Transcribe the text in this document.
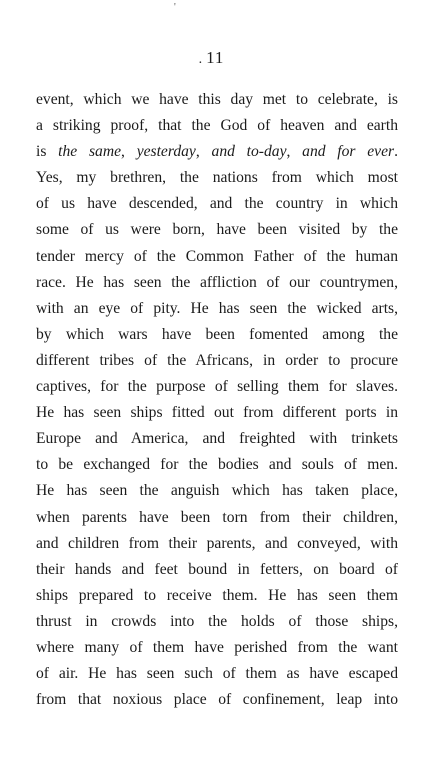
'
. 11
event, which we have this day met to celebrate, is
a striking proof, that the God of heaven and earth
is the same, yesterday, and to-day, and for ever.
Yes, my brethren, the nations from which most
of us have descended, and the country in which
some of us were born, have been visited by the
tender mercy of the Common Father of the human
race. He has seen the affliction of our countrymen,
with an eye of pity. He has seen the wicked arts,
by which wars have been fomented among the
different tribes of the Africans, in order to procure
captives, for the purpose of selling them for slaves.
He has seen ships fitted out from different ports in
Europe and America, and freighted with trinkets
to be exchanged for the bodies and souls of men.
He has seen the anguish which has taken place,
when parents have been torn from their children,
and children from their parents, and conveyed, with
their hands and feet bound in fetters, on board of
ships prepared to receive them. He has seen them
thrust in crowds into the holds of those ships,
where many of them have perished from the want
of air. He has seen such of them as have escaped
from that noxious place of confinement, leap into
